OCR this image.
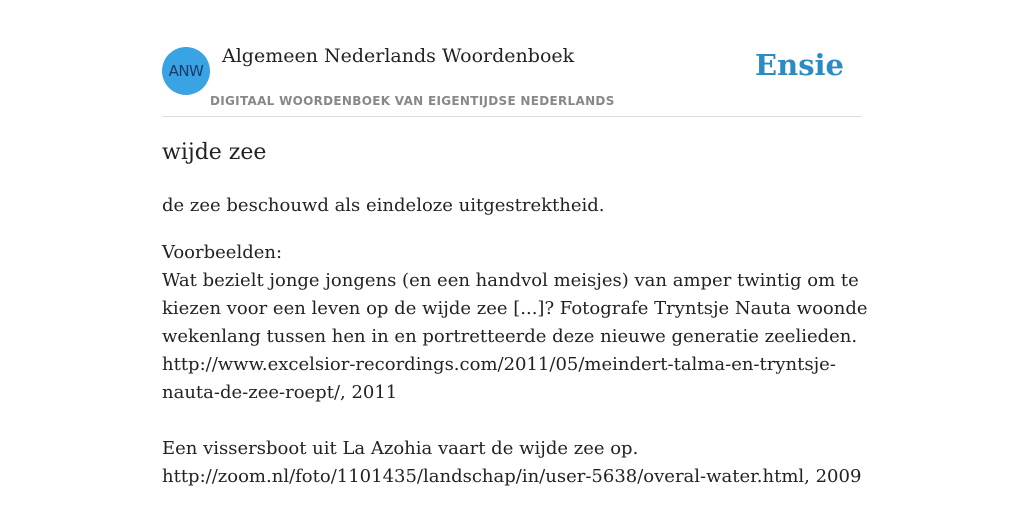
ANW
Algemeen Nederlands Woordenboek
DIGITAAL WOORDENBOEK VAN EIGENTIJDSE NEDERLANDS
Ensie
wijde zee
de zee beschouwd als eindeloze uitgestrektheid.
Voorbeelden:
Wat bezielt jonge jongens (en een handvol meisjes) van amper twintig om te
kiezen voor een leven op de wijde zee [...]? Fotografe Tryntsje Nauta woonde
wekenlang tussen hen in en portretteerde deze nieuwe generatie zeelieden.
http://www.excelsior-recordings.com/2011/05/meindert-talma-en-tryntsje-
nauta-de-zee-roept/, 2011
Een vissersboot uit La Azohia vaart de wijde zee op.
http://zoom.nl/foto/1101435/landschap/in/user-5638/overal-water.html, 2009
